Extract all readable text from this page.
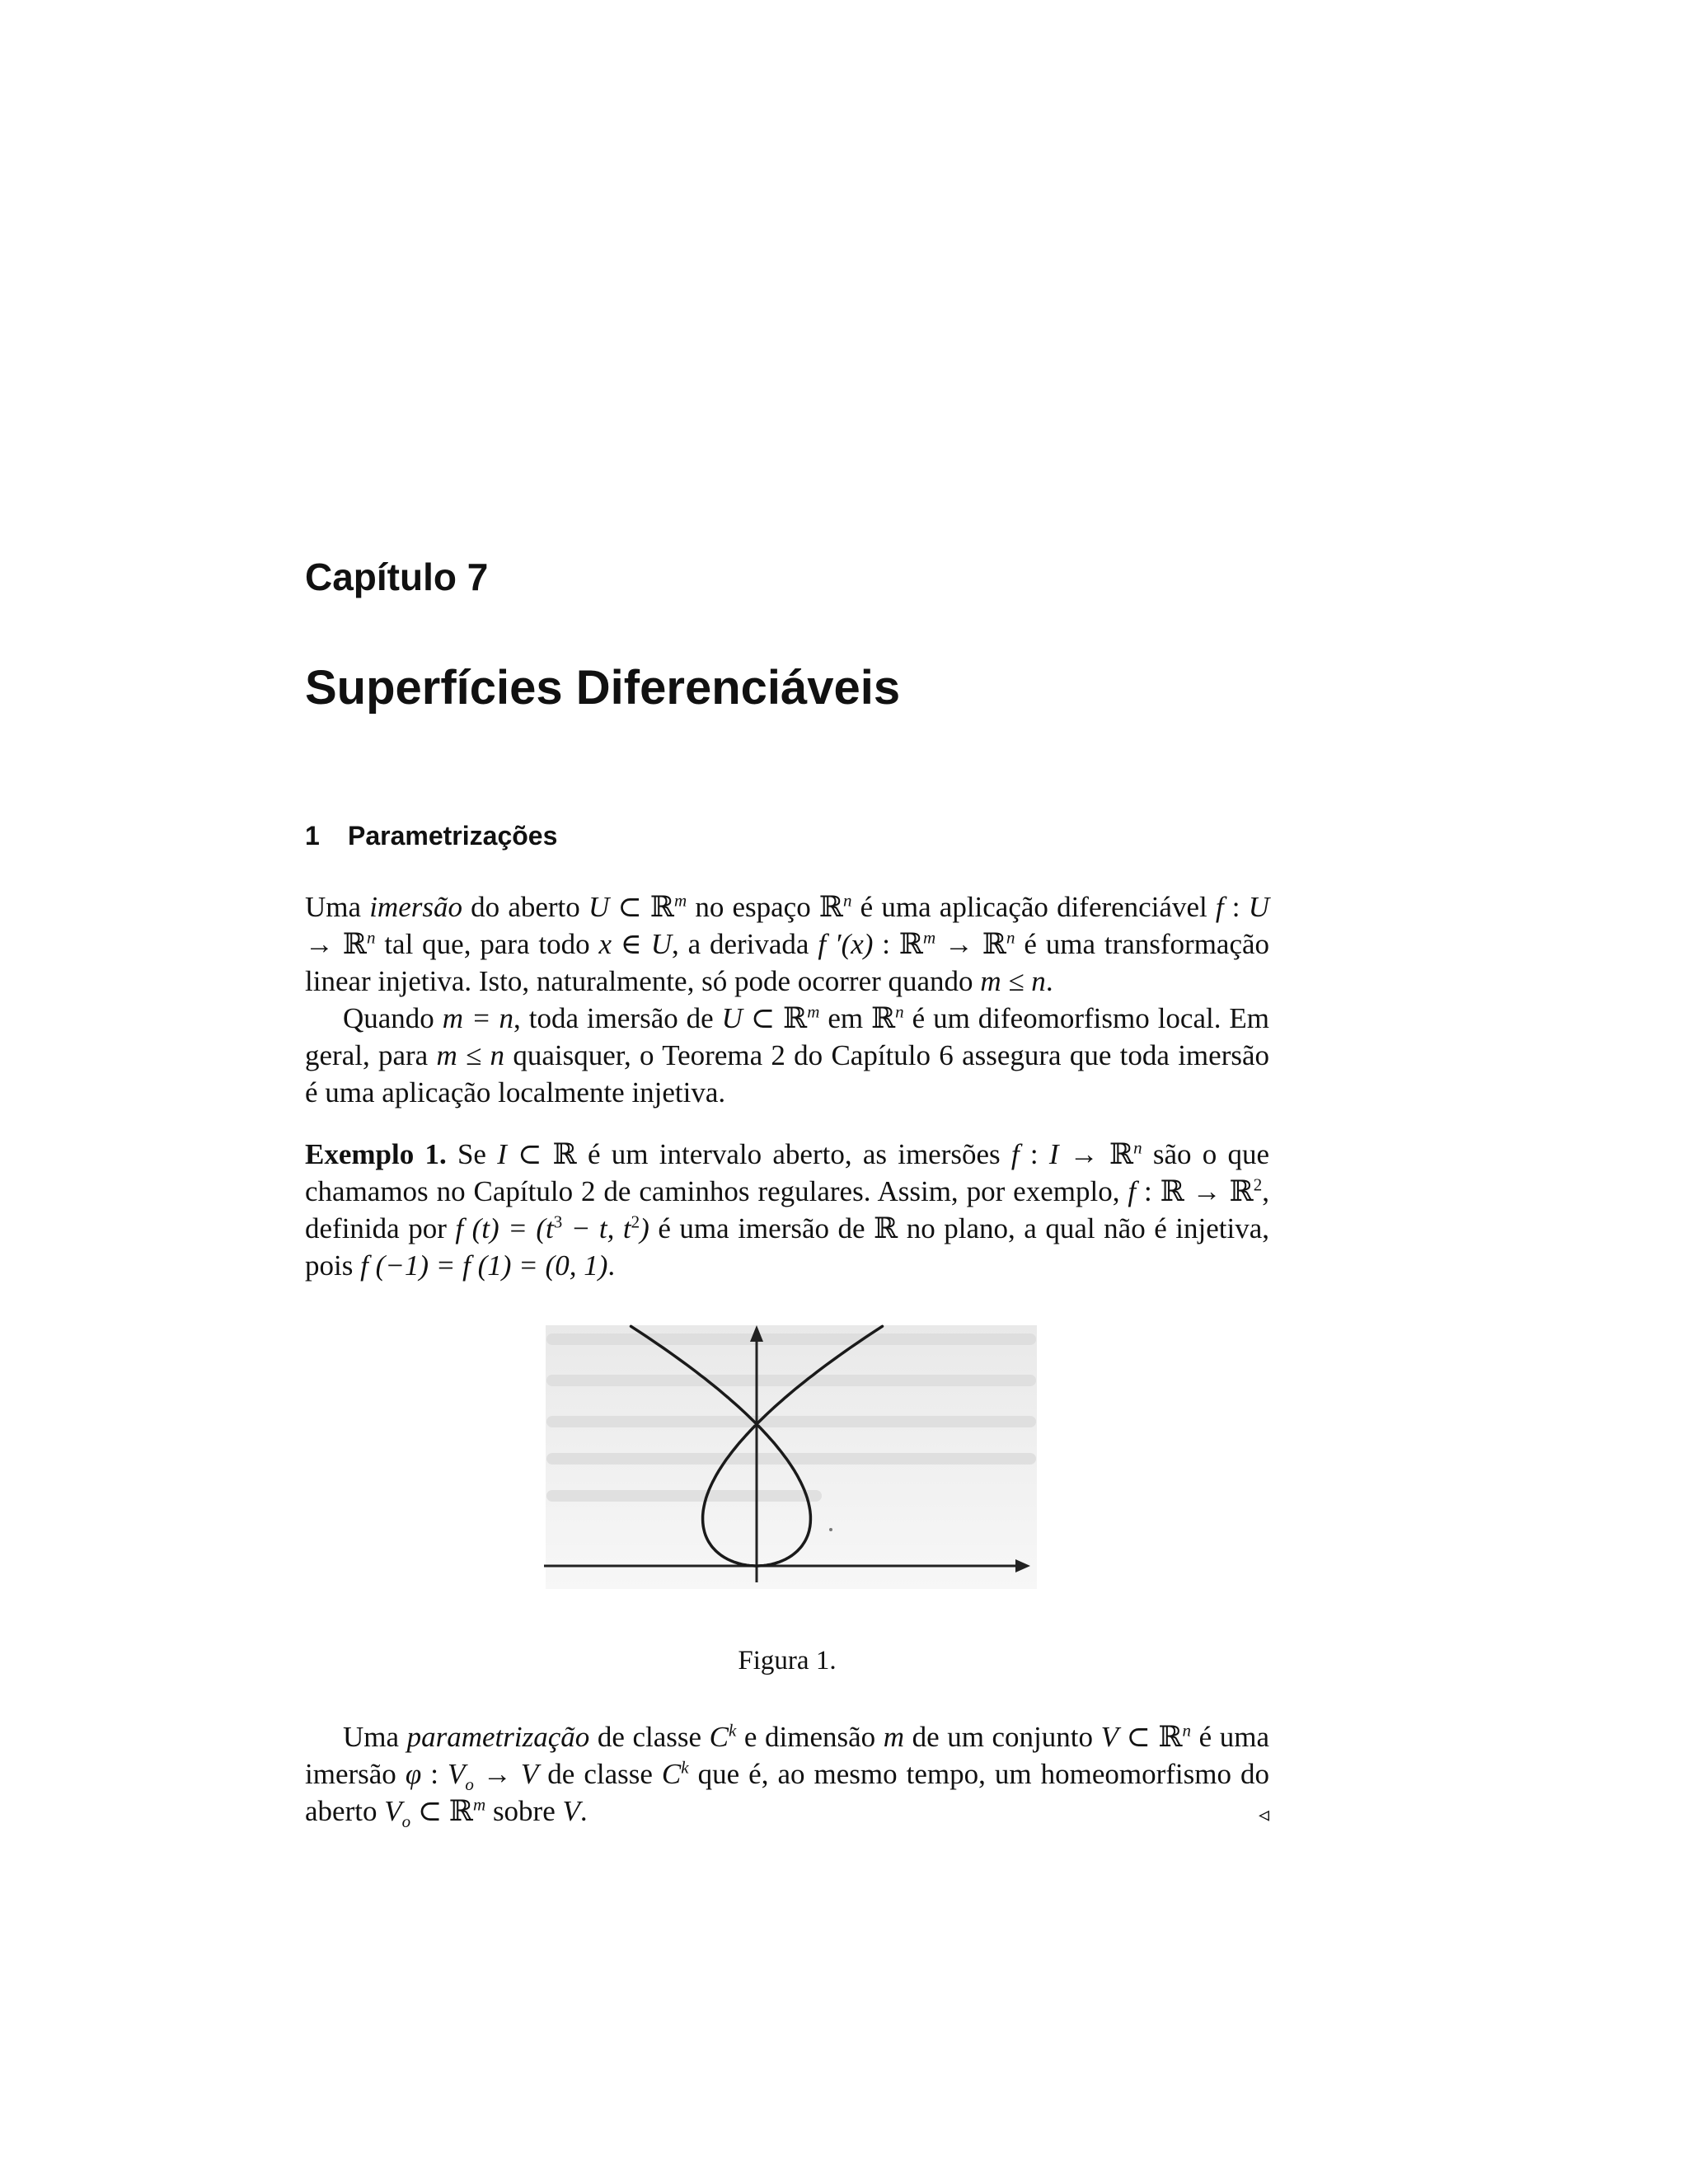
Capítulo 7
Superfícies Diferenciáveis
1 Parametrizações

Uma imersão do aberto U ⊂ ℝ$^m$ no espaço ℝ$^n$ é uma aplicação diferenciável f : U → ℝ$^n$ tal que, para todo x ∈ U, a derivada f ′(x) : ℝ$^m$ → ℝ$^n$ é uma transformação linear injetiva. Isto, naturalmente, só pode ocorrer quando m ≤ n.

Quando m = n, toda imersão de U ⊂ ℝ$^m$ em ℝ$^n$ é um difeomorfismo local. Em geral, para m ≤ n quaisquer, o Teorema 2 do Capítulo 6 assegura que toda imersão é uma aplicação localmente injetiva.

Exemplo 1. Se I ⊂ ℝ é um intervalo aberto, as imersões f : I → ℝ$^n$ são o que chamamos no Capítulo 2 de caminhos regulares. Assim, por exemplo, f : ℝ → ℝ$^2$, definida por f $(t) = (t^3 - t$, $t^2$) é uma imersão de ℝ no plano, a qual não é injetiva, pois f (−1) = f (1) = (0, 1).

Figura 1.

Uma parametrização de classe $C^k$ e dimensão m de um conjunto V ⊂ ℝ$^n$ é uma imersão φ : $V_o \to V$ de classe $C^k$ que é, ao mesmo tempo, um homeomorfismo do aberto $V_o$ ⊂ ℝ$^m$ sobre V.	◃
